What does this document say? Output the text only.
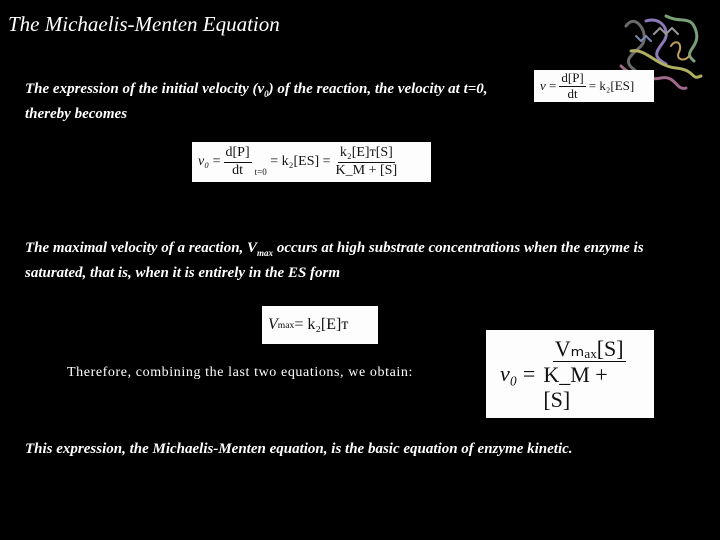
The Michaelis-Menten Equation
The expression of the initial velocity $(v_0)$ of the reaction, the velocity at t=0, thereby becomes
v
= $\frac{d[P]}{dt} = k_2[ES]$
v₀
= $\frac{d[P]}{dt} t=0$

= $k_2[ES] = \frac{\text{k₂[E]ᴛ[S]}}{K\_M + [S]}$
The maximal velocity of a reaction, $V_{max}$ occurs at high substrate concentrations when the enzyme is saturated, that is, when it is entirely in the ES form
V max = k₂[E]ᴛ
Therefore, combining the last two equations, we obtain:	v₀
= $\frac{\text{Vₘₐₓ[S]}}{K\_M + [S]}$
This expression, the Michaelis-Menten equation, is the basic equation of enzyme kinetic.
